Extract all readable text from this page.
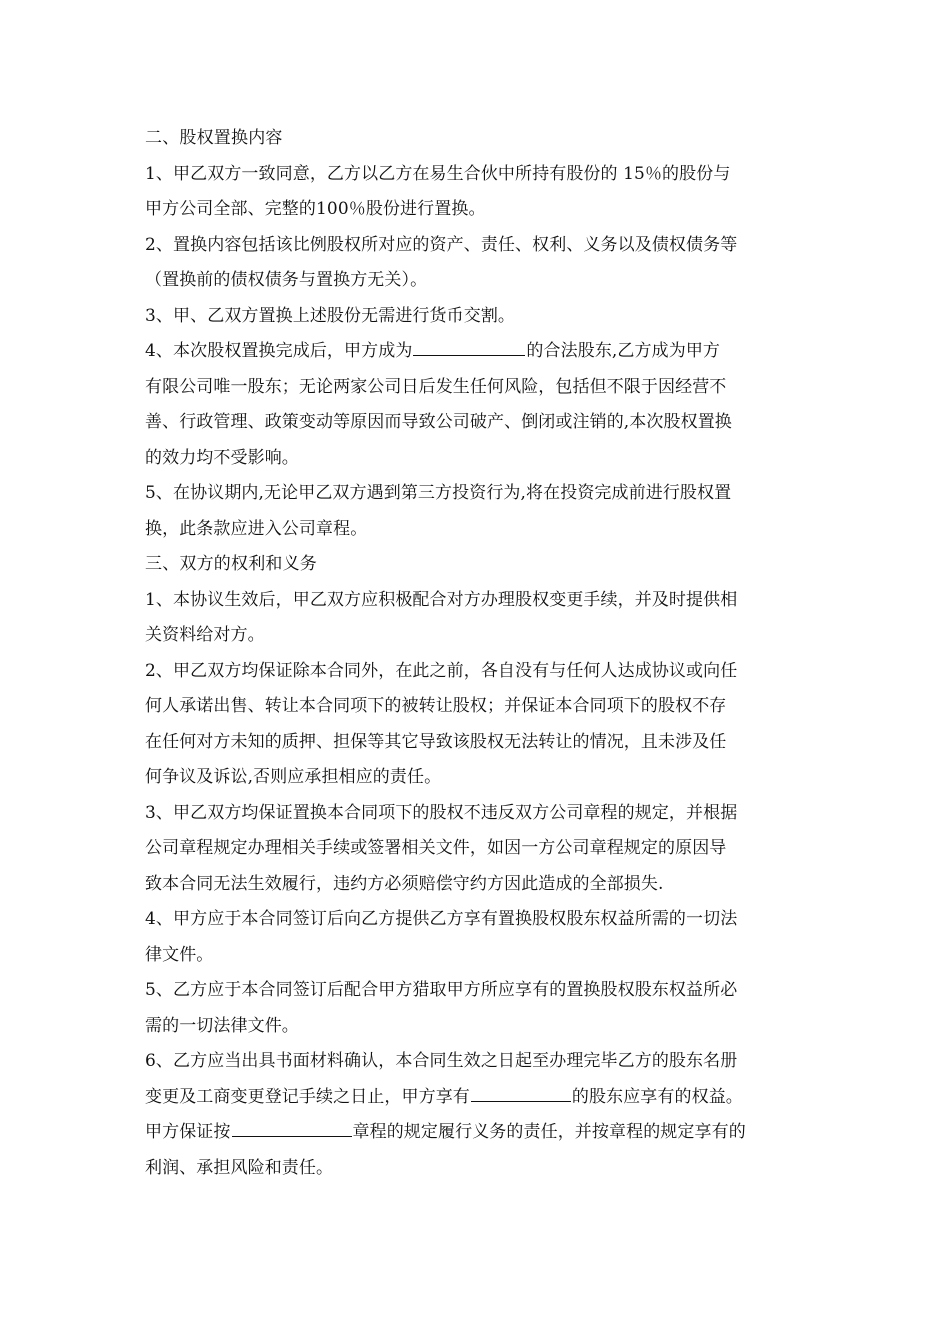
二、股权置换内容
1、甲乙双方一致同意，乙方以乙方在易生合伙中所持有股份的 15％的股份与
甲方公司全部、完整的100％股份进行置换。
2、置换内容包括该比例股权所对应的资产、责任、权利、义务以及债权债务等
（置换前的债权债务与置换方无关）。
3、甲、乙双方置换上述股份无需进行货币交割。
4、本次股权置换完成后，甲方成为	的合法股东,乙方成为甲方
有限公司唯一股东；无论两家公司日后发生任何风险，包括但不限于因经营不
善、行政管理、政策变动等原因而导致公司破产、倒闭或注销的,本次股权置换
的效力均不受影响。
5、在协议期内,无论甲乙双方遇到第三方投资行为,将在投资完成前进行股权置
换，此条款应进入公司章程。
三、双方的权利和义务
1、本协议生效后，甲乙双方应积极配合对方办理股权变更手续，并及时提供相
关资料给对方。
2、甲乙双方均保证除本合同外，在此之前，各自没有与任何人达成协议或向任
何人承诺出售、转让本合同项下的被转让股权；并保证本合同项下的股权不存
在任何对方未知的质押、担保等其它导致该股权无法转让的情况，且未涉及任
何争议及诉讼,否则应承担相应的责任。
3、甲乙双方均保证置换本合同项下的股权不违反双方公司章程的规定，并根据
公司章程规定办理相关手续或签署相关文件，如因一方公司章程规定的原因导
致本合同无法生效履行，违约方必须赔偿守约方因此造成的全部损失.
4、甲方应于本合同签订后向乙方提供乙方享有置换股权股东权益所需的一切法
律文件。
5、乙方应于本合同签订后配合甲方猎取甲方所应享有的置换股权股东权益所必
需的一切法律文件。
6、乙方应当出具书面材料确认，本合同生效之日起至办理完毕乙方的股东名册
变更及工商变更登记手续之日止，甲方享有	的股东应享有的权益。
甲方保证按	章程的规定履行义务的责任，并按章程的规定享有的
利润、承担风险和责任。
